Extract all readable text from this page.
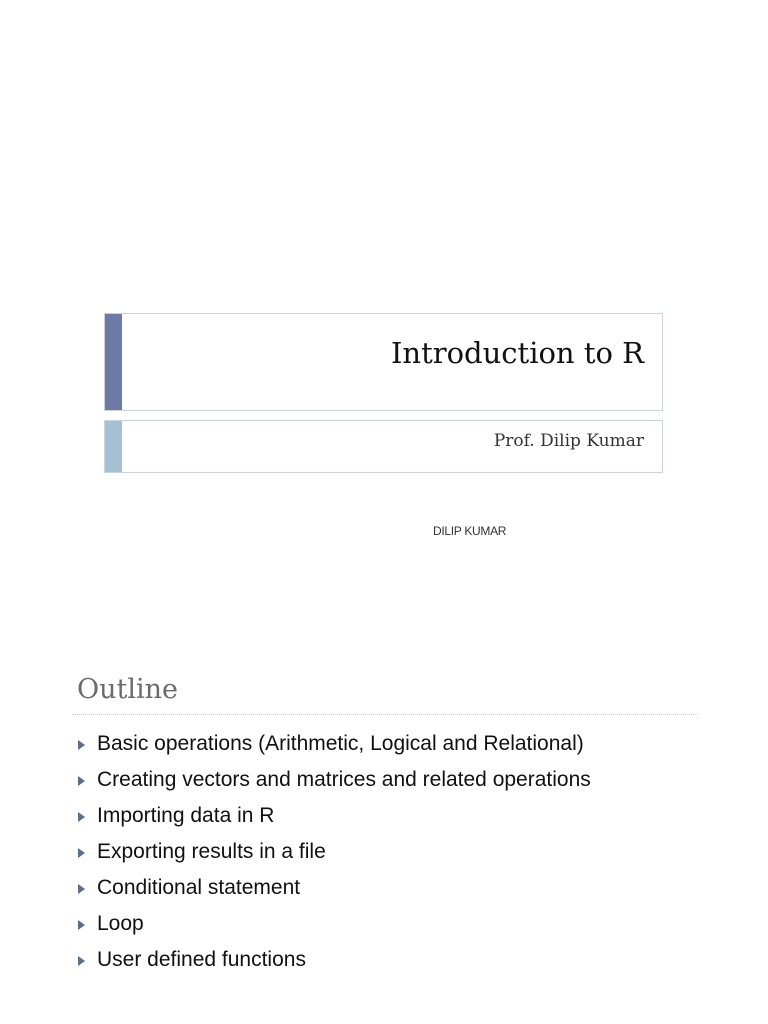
Introduction to R
Prof. Dilip Kumar
DILIP KUMAR
Outline
Basic operations (Arithmetic, Logical and Relational)
Creating vectors and matrices and related operations
Importing data in R
Exporting results in a file
Conditional statement
Loop
User defined functions
